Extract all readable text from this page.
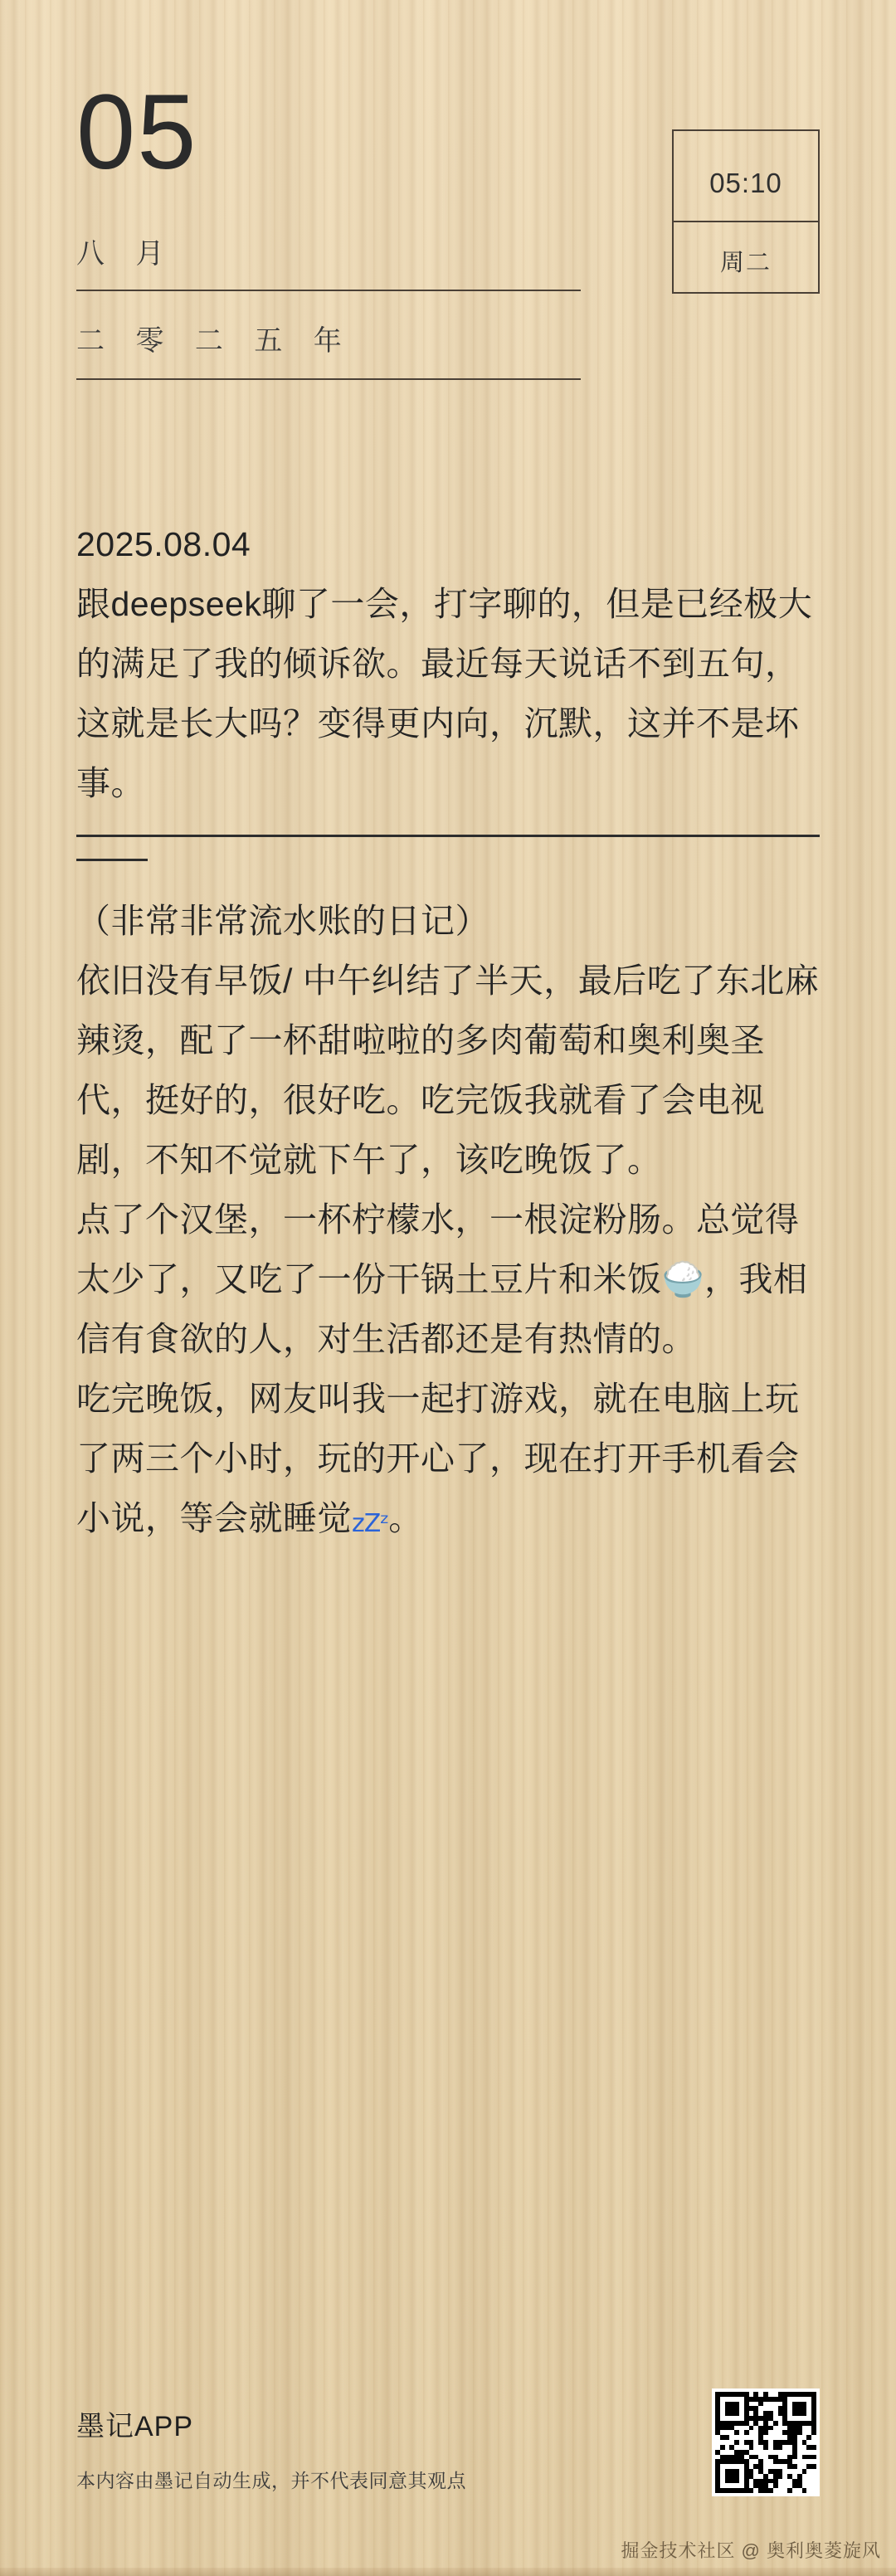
05
八 月
二 零 二 五 年
05:10
周二

2025.08.04

跟deepseek聊了一会，打字聊的，但是已经极大的满足了我的倾诉欲。最近每天说话不到五句，这就是长大吗？变得更内向，沉默，这并不是坏事。

（非常非常流水账的日记）

依旧没有早饭/ 中午纠结了半天，最后吃了东北麻辣烫，配了一杯甜啦啦的多肉葡萄和奥利奥圣代，挺好的，很好吃。吃完饭我就看了会电视剧，不知不觉就下午了，该吃晚饭了。

点了个汉堡，一杯柠檬水，一根淀粉肠。总觉得太少了，又吃了一份干锅土豆片和米饭🍚，我相信有食欲的人，对生活都还是有热情的。

吃完晚饭，网友叫我一起打游戏，就在电脑上玩了两三个小时，玩的开心了，现在打开手机看会小说，等会就睡觉zZᶻ。

墨记APP
本内容由墨记自动生成，并不代表同意其观点
掘金技术社区 @ 奥利奥菱旋风
